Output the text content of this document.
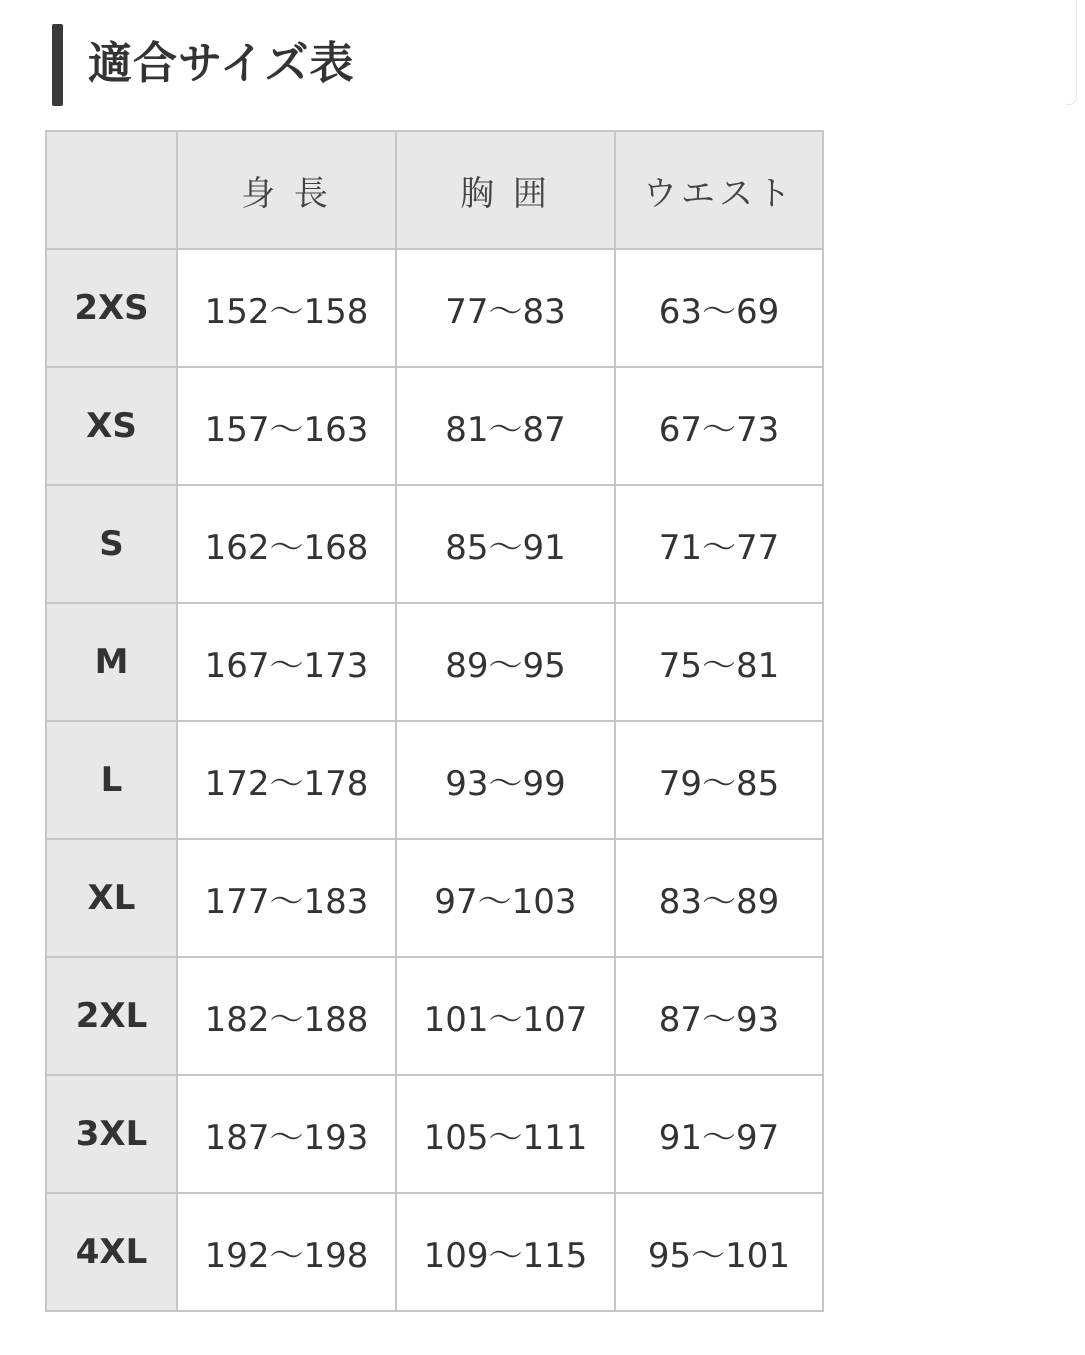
適合サイズ表
	身 長	胸 囲	ウエスト
2XS	152〜158	77〜83	63〜69
XS	157〜163	81〜87	67〜73
S	162〜168	85〜91	71〜77
M	167〜173	89〜95	75〜81
L	172〜178	93〜99	79〜85
XL	177〜183	97〜103	83〜89
2XL	182〜188	101〜107	87〜93
3XL	187〜193	105〜111	91〜97
4XL	192〜198	109〜115	95〜101
